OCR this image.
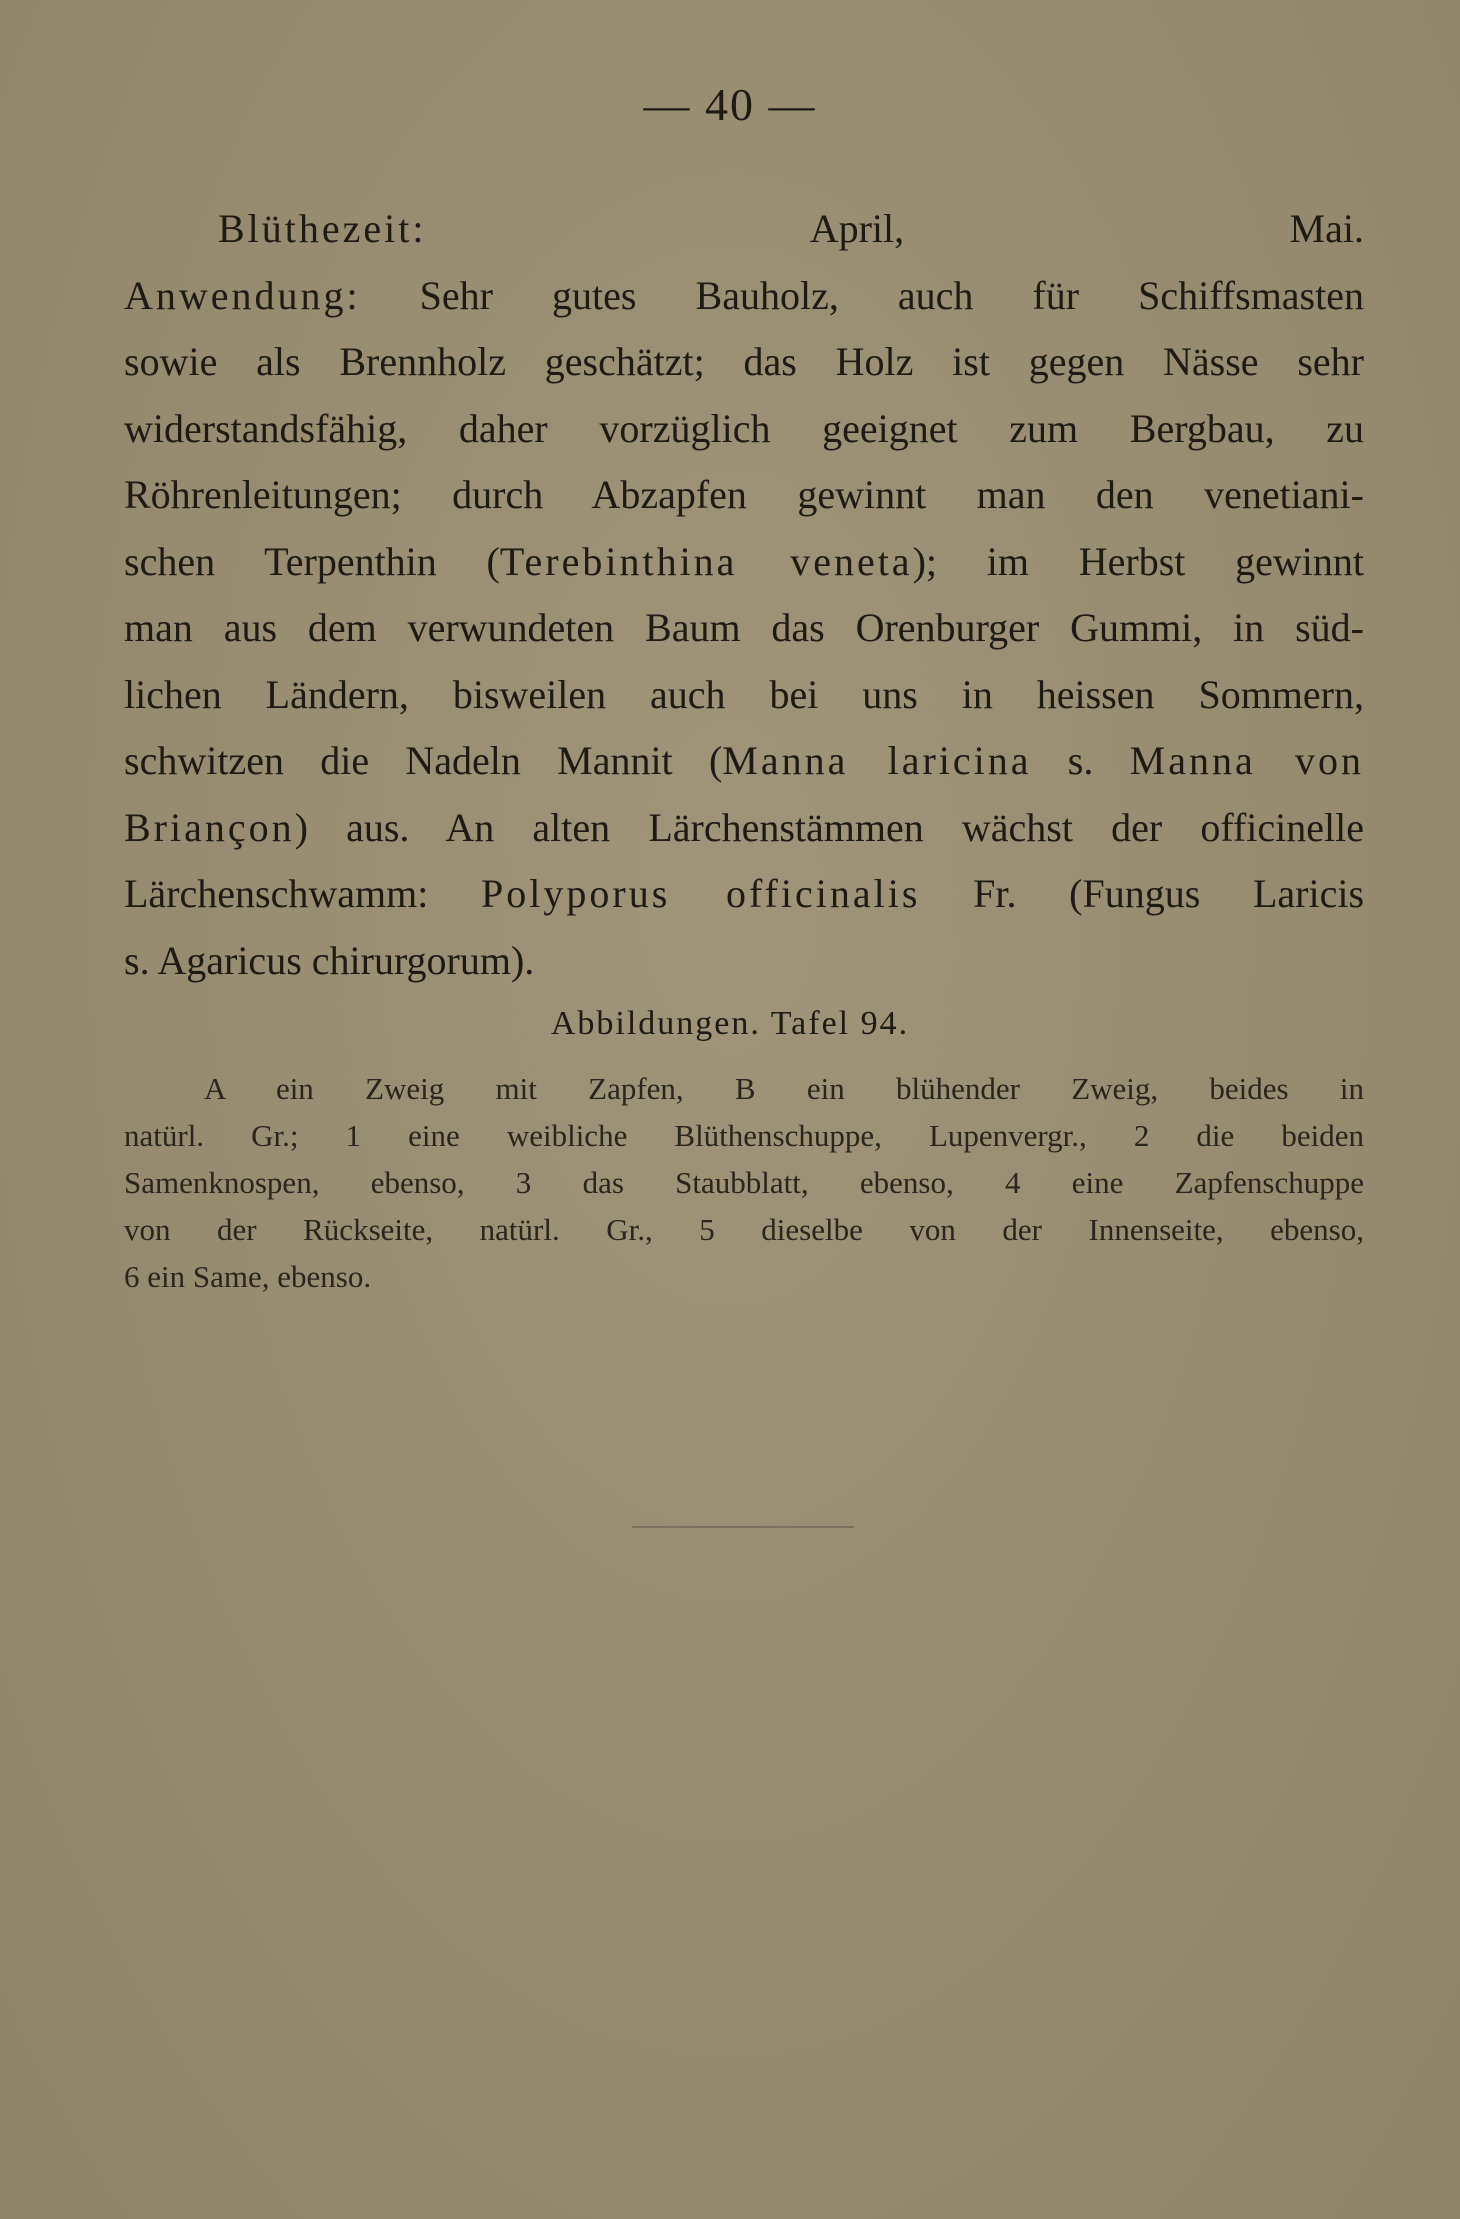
— 40 —
Blüthezeit: April, Mai.
Anwendung: Sehr gutes Bauholz, auch für Schiffsmasten
sowie als Brennholz geschätzt; das Holz ist gegen Nässe sehr
widerstandsfähig, daher vorzüglich geeignet zum Bergbau, zu
Röhrenleitungen; durch Abzapfen gewinnt man den venetiani-
schen Terpenthin (Terebinthina veneta); im Herbst gewinnt
man aus dem verwundeten Baum das Orenburger Gummi, in süd-
lichen Ländern, bisweilen auch bei uns in heissen Sommern,
schwitzen die Nadeln Mannit (Manna laricina s. Manna von
Briançon) aus. An alten Lärchenstämmen wächst der officinelle
Lärchenschwamm: Polyporus officinalis Fr. (Fungus Laricis
s. Agaricus chirurgorum).
Abbildungen. Tafel 94.
A ein Zweig mit Zapfen, B ein blühender Zweig, beides in
natürl. Gr.; 1 eine weibliche Blüthenschuppe, Lupenvergr., 2 die beiden
Samenknospen, ebenso, 3 das Staubblatt, ebenso, 4 eine Zapfenschuppe
von der Rückseite, natürl. Gr., 5 dieselbe von der Innenseite, ebenso,
6 ein Same, ebenso.
